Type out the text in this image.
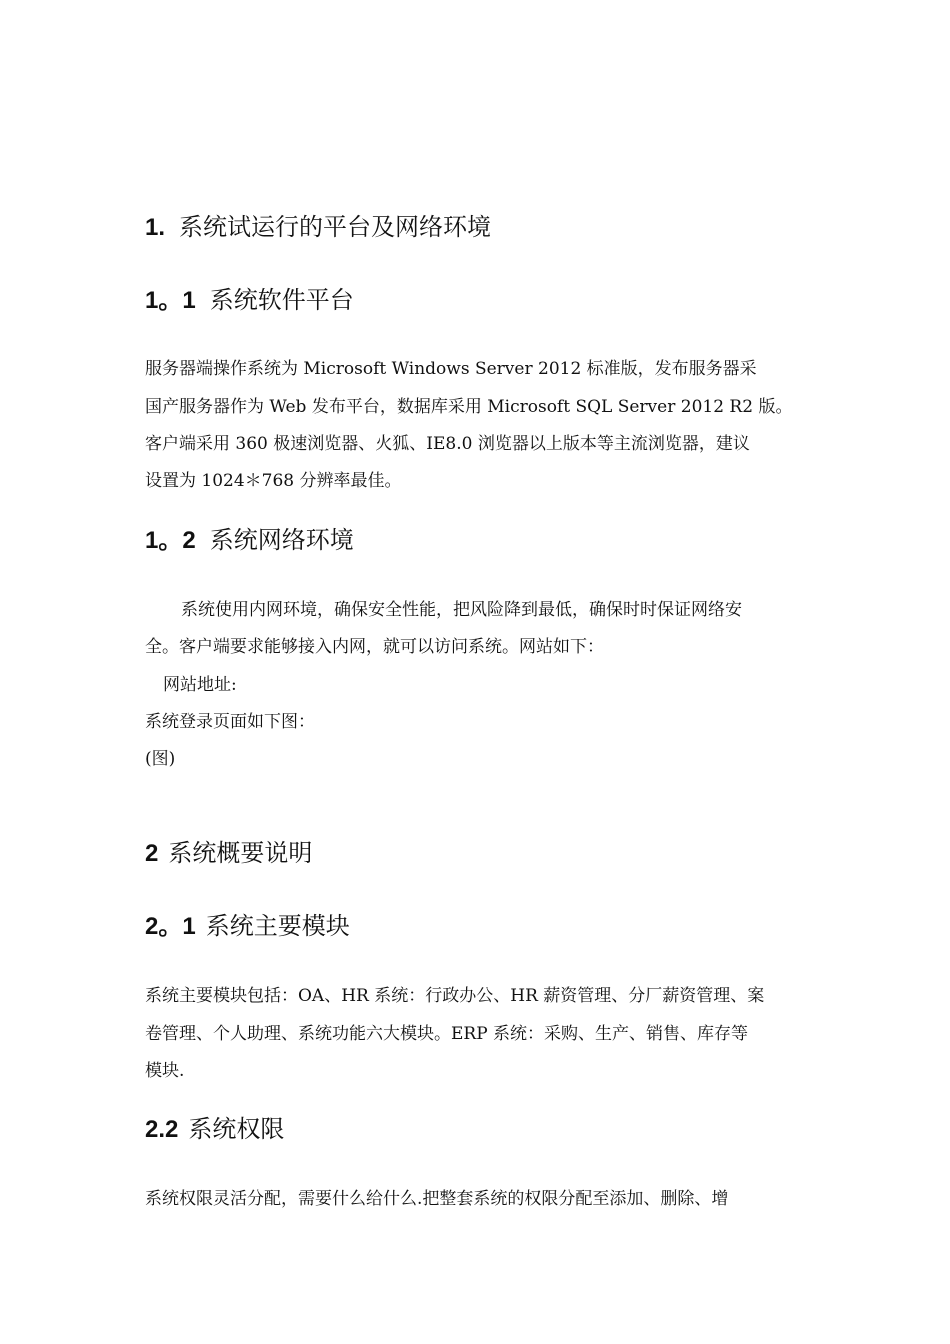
1. 系统试运行的平台及网络环境
1。1 系统软件平台

服务器端操作系统为 Microsoft Windows Server 2012 标准版，发布服务器采

国产服务器作为 Web 发布平台，数据库采用 Microsoft SQL Server 2012 R2 版。

客户端采用 360 极速浏览器、火狐、IE8.0 浏览器以上版本等主流浏览器，建议

设置为 1024＊768 分辨率最佳。

1。2 系统网络环境

系统使用内网环境，确保安全性能，把风险降到最低，确保时时保证网络安

全。客户端要求能够接入内网，就可以访问系统。网站如下：

网站地址:

系统登录页面如下图：

(图)

2 系统概要说明
2。1 系统主要模块

系统主要模块包括：OA、HR 系统：行政办公、HR 薪资管理、分厂薪资管理、案

卷管理、个人助理、系统功能六大模块。ERP 系统：采购、生产、销售、库存等

模块.

2.2 系统权限

系统权限灵活分配，需要什么给什么.把整套系统的权限分配至添加、删除、增
